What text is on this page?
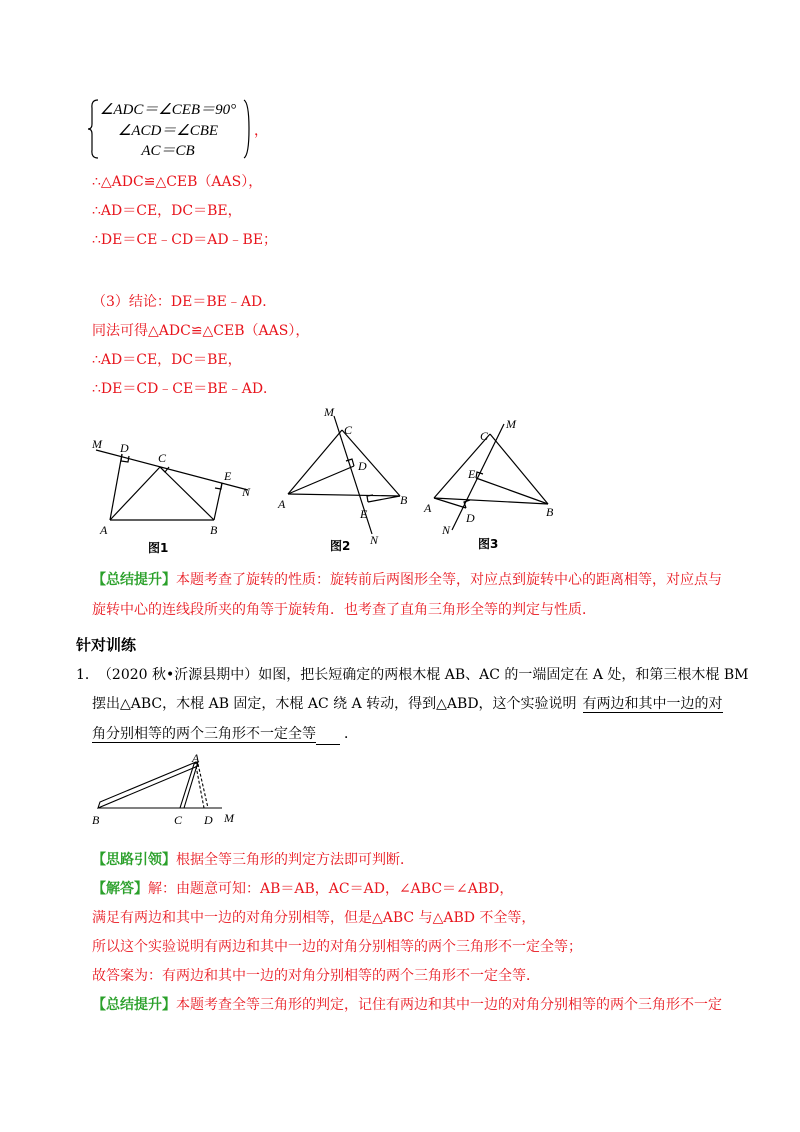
∠ADC＝∠CEB＝90°
∠ACD＝∠CBE
AC＝CB
，
∴△ADC≌△CEB（AAS），
∴AD＝CE，DC＝BE，
∴DE＝CE﹣CD＝AD﹣BE；
（3）结论：DE＝BE﹣AD．
同法可得△ADC≌△CEB（AAS），
∴AD＝CE，DC＝BE，
∴DE＝CD﹣CE＝BE﹣AD．
M D
C
E
N
A	B
图1
M
C
D
A	B
E
N
图2
C
M
E
A
N
D	B
图3
【总结提升】本题考查了旋转的性质：旋转前后两图形全等，对应点到旋转中心的距离相等，对应点与
旋转中心的连线段所夹的角等于旋转角．也考查了直角三角形全等的判定与性质．
针对训练
1． （2020 秋•沂源县期中）如图，把长短确定的两根木棍 AB、AC 的一端固定在 A 处，和第三根木棍 BM
摆出△ABC，木棍 AB 固定，木棍 AC 绕 A 转动，得到△ABD，这个实验说明 有两边和其中一边的对
角分别相等的两个三角形不一定全等 ．
A
B	C D M
【思路引领】根据全等三角形的判定方法即可判断．
【解答】解：由题意可知：AB＝AB，AC＝AD，∠ABC＝∠ABD，
满足有两边和其中一边的对角分别相等，但是△ABC 与△ABD 不全等，
所以这个实验说明有两边和其中一边的对角分别相等的两个三角形不一定全等；
故答案为：有两边和其中一边的对角分别相等的两个三角形不一定全等．
【总结提升】本题考查全等三角形的判定，记住有两边和其中一边的对角分别相等的两个三角形不一定
